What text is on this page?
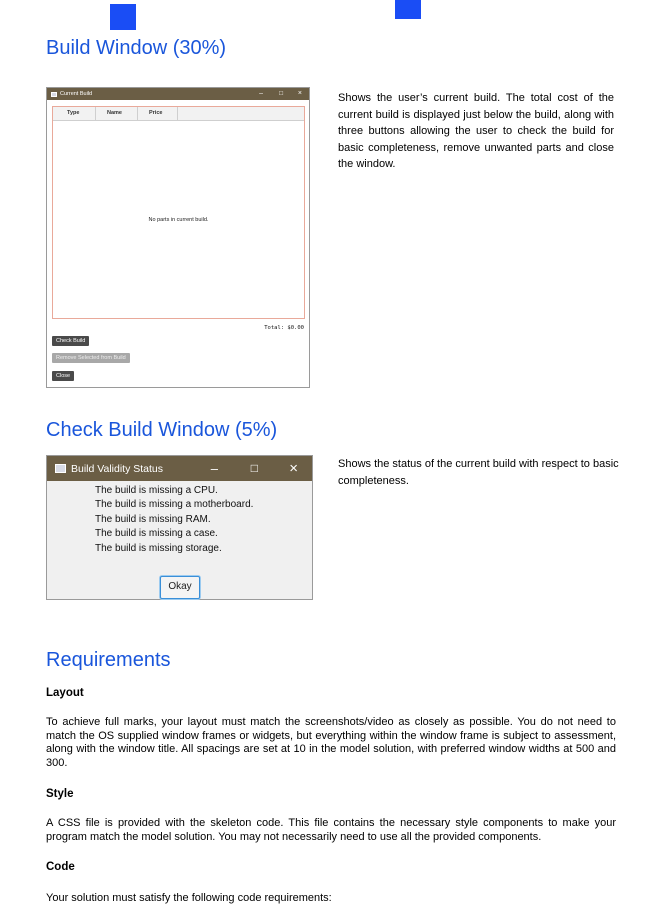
Build Window (30%)
Current Build	– □ ×
Type	Name	Price
No parts in current build.
Total: $0.00
Check Build
Remove Selected from Build
Close
Shows the user’s current build. The total cost of the current build is displayed just below the build, along with three buttons allowing the user to check the build for basic completeness, remove unwanted parts and close the window.
Check Build Window (5%)
Build Validity Status	–	□ ×
The build is missing a CPU.
The build is missing a motherboard.
The build is missing RAM.
The build is missing a case.
The build is missing storage.
Okay
Shows the status of the current build with respect to basic completeness.
Requirements
Layout
To achieve full marks, your layout must match the screenshots/video as closely as possible. You do not need to match the OS supplied window frames or widgets, but everything within the window frame is subject to assessment, along with the window title. All spacings are set at 10 in the model solution, with preferred window widths at 500 and 300.
Style
A CSS file is provided with the skeleton code. This file contains the necessary style components to make your program match the model solution. You may not necessarily need to use all the provided components.
Code
Your solution must satisfy the following code requirements:
